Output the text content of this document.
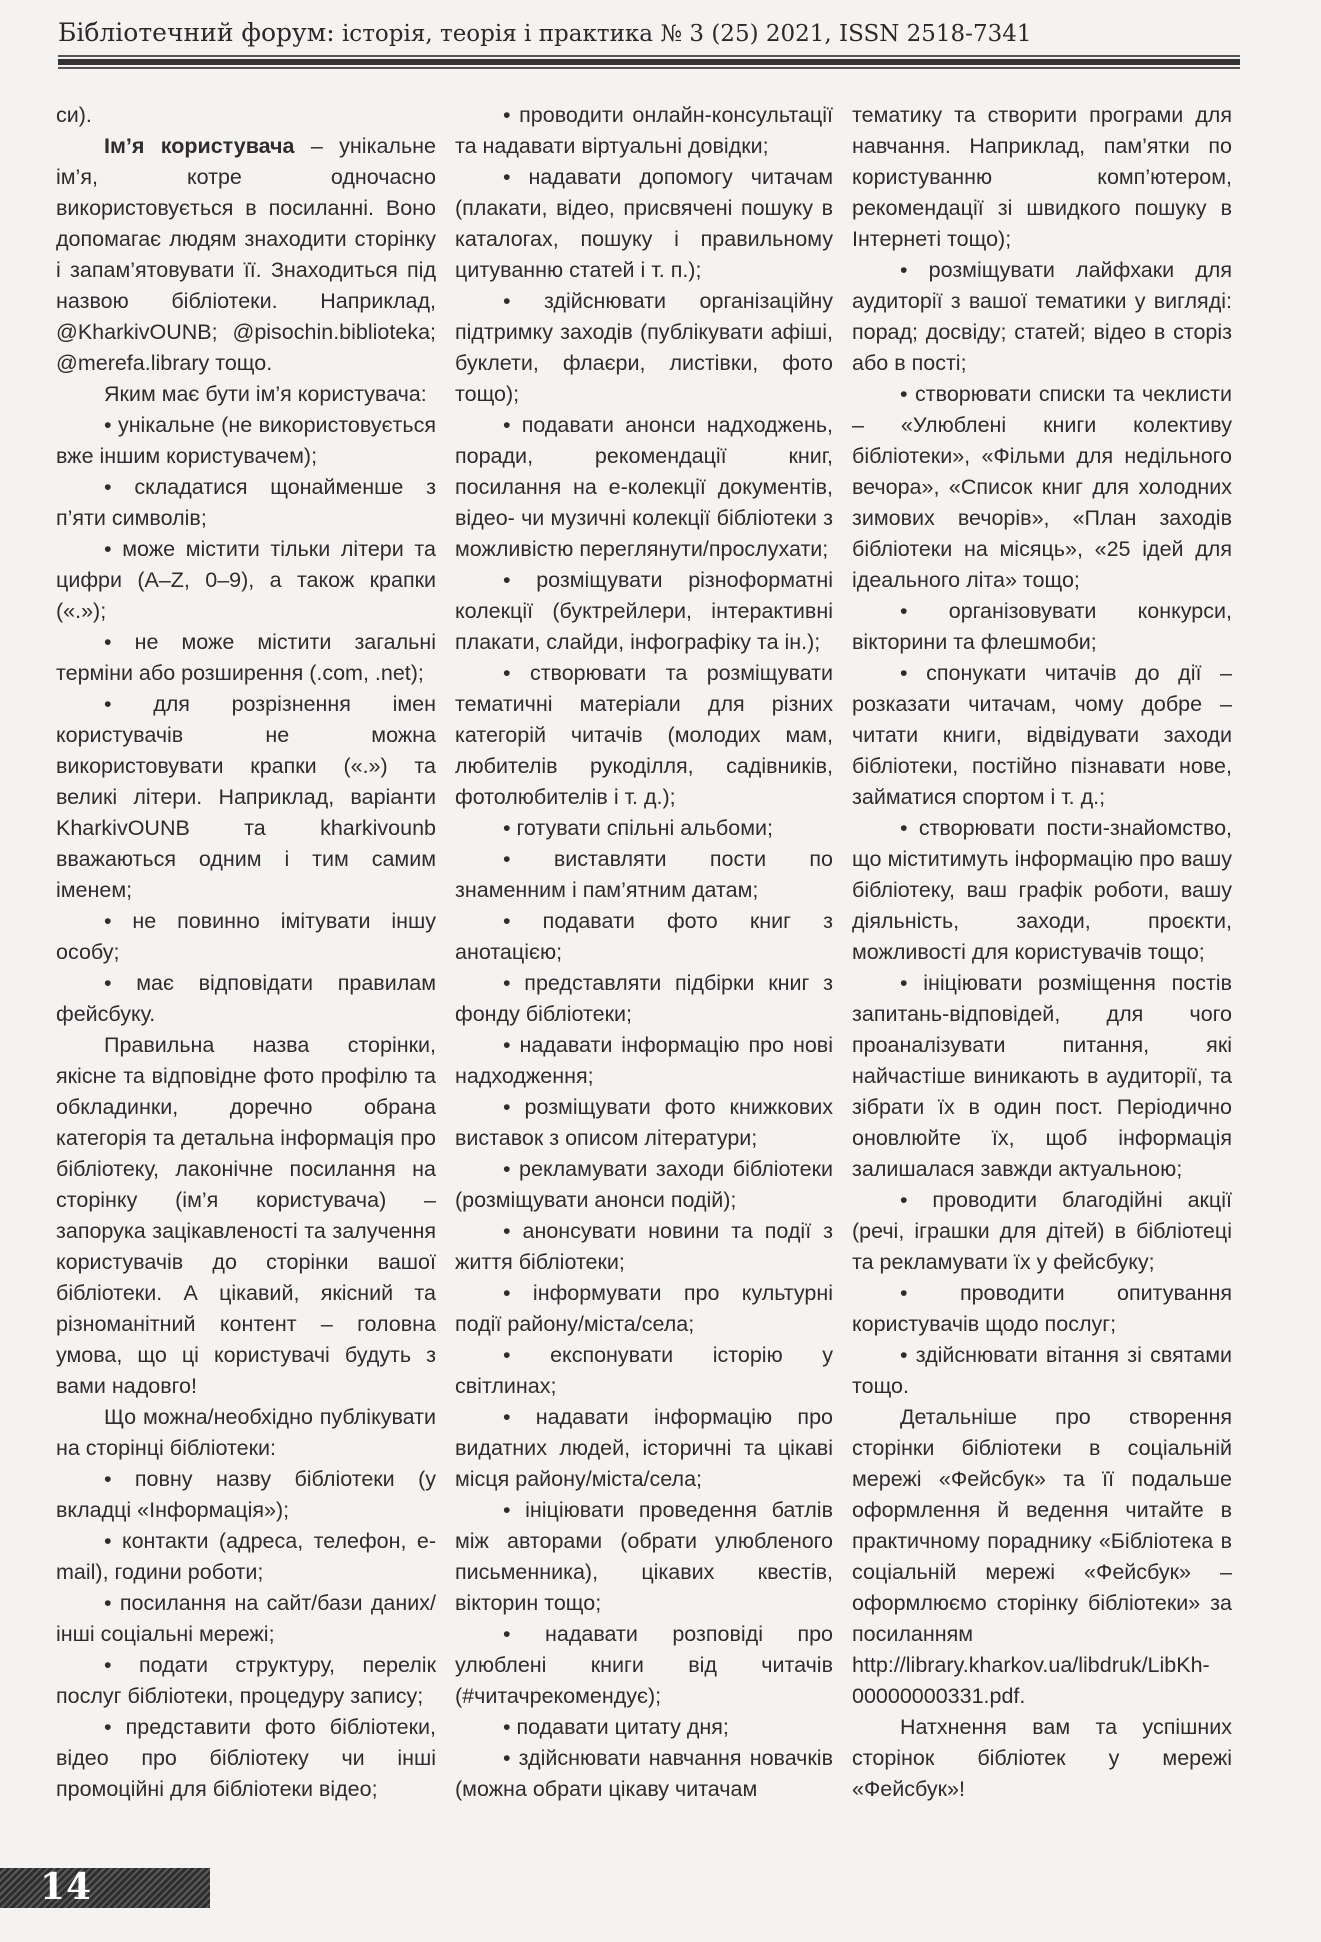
Бібліотечний форум: історія, теорія і практика № 3 (25) 2021, ISSN 2518-7341

си).

Ім’я користувача – унікальне ім’я, котре одночасно використовується в посиланні. Воно допомагає людям знаходити сторінку і запам’ятовувати її. Знаходиться під назвою бібліотеки. Наприклад, @KharkivOUNB; @pisochin.biblioteka; @merefa.library тощо.

Яким має бути ім’я користувача:

• унікальне (не використовується вже іншим користувачем);

• складатися щонайменше з п’яти символів;

• може містити тільки літери та цифри (A–Z, 0–9), а також крапки («.»);

• не може містити загальні терміни або розширення (.com, .net);

• для розрізнення імен користувачів не можна використовувати крапки («.») та великі літери. Наприклад, варіанти KharkivOUNB та kharkivounb вважаються одним і тим самим іменем;

• не повинно імітувати іншу особу;

• має відповідати правилам фейсбуку.

Правильна назва сторінки, якісне та відповідне фото профілю та обкладинки, доречно обрана категорія та детальна інформація про бібліотеку, лаконічне посилання на сторінку (ім’я користувача) – запорука зацікавленості та залучення користувачів до сторінки вашої бібліотеки. А цікавий, якісний та різноманітний контент – головна умова, що ці користувачі будуть з вами надовго!

Що можна/необхідно публікувати на сторінці бібліотеки:

• повну назву бібліотеки (у вкладці «Інформація»);

• контакти (адреса, телефон, e-mail), години роботи;

• посилання на сайт/бази даних/інші соціальні мережі;

• подати структуру, перелік послуг бібліотеки, процедуру запису;

• представити фото бібліотеки, відео про бібліотеку чи інші промоційні для бібліотеки відео;

• проводити онлайн-консультації та надавати віртуальні довідки;

• надавати допомогу читачам (плакати, відео, присвячені пошуку в каталогах, пошуку і правильному цитуванню статей і т. п.);

• здійснювати організаційну підтримку заходів (публікувати афіші, буклети, флаєри, листівки, фото тощо);

• подавати анонси надходжень, поради, рекомендації книг, посилання на е-колекції документів, відео- чи музичні колекції бібліотеки з можливістю переглянути/прослухати;

• розміщувати різноформатні колекції (буктрейлери, інтерактивні плакати, слайди, інфографіку та ін.);

• створювати та розміщувати тематичні матеріали для різних категорій читачів (молодих мам, любителів рукоділля, садівників, фотолюбителів і т. д.);

• готувати спільні альбоми;

• виставляти пости по знаменним і пам’ятним датам;

• подавати фото книг з анотацією;

• представляти підбірки книг з фонду бібліотеки;

• надавати інформацію про нові надходження;

• розміщувати фото книжкових виставок з описом літератури;

• рекламувати заходи бібліотеки (розміщувати анонси подій);

• анонсувати новини та події з життя бібліотеки;

• інформувати про культурні події району/міста/села;

• експонувати історію у світлинах;

• надавати інформацію про видатних людей, історичні та цікаві місця району/міста/села;

• ініціювати проведення батлів між авторами (обрати улюбленого письменника), цікавих квестів, вікторин тощо;

• надавати розповіді про улюблені книги від читачів (#читачрекомендує);

• подавати цитату дня;

• здійснювати навчання новачків (можна обрати цікаву читачам

тематику та створити програми для навчання. Наприклад, пам’ятки по користуванню комп’ютером, рекомендації зі швидкого пошуку в Інтернеті тощо);

• розміщувати лайфхаки для аудиторії з вашої тематики у вигляді: порад; досвіду; статей; відео в сторіз або в пості;

• створювати списки та чеклисти – «Улюблені книги колективу бібліотеки», «Фільми для недільного вечора», «Список книг для холодних зимових вечорів», «План заходів бібліотеки на місяць», «25 ідей для ідеального літа» тощо;

• організовувати конкурси, вікторини та флешмоби;

• спонукати читачів до дії – розказати читачам, чому добре – читати книги, відвідувати заходи бібліотеки, постійно пізнавати нове, займатися спортом і т. д.;

• створювати пости-знайомство, що міститимуть інформацію про вашу бібліотеку, ваш графік роботи, вашу діяльність, заходи, проєкти, можливості для користувачів тощо;

• ініціювати розміщення постів запитань-відповідей, для чого проаналізувати питання, які найчастіше виникають в аудиторії, та зібрати їх в один пост. Періодично оновлюйте їх, щоб інформація залишалася завжди актуальною;

• проводити благодійні акції (речі, іграшки для дітей) в бібліотеці та рекламувати їх у фейсбуку;

• проводити опитування користувачів щодо послуг;

• здійснювати вітання зі святами тощо.

Детальніше про створення сторінки бібліотеки в соціальній мережі «Фейсбук» та її подальше оформлення й ведення читайте в практичному пораднику «Бібліотека в соціальній мережі «Фейсбук» – оформлюємо сторінку бібліотеки» за посиланням http://library.kharkov.ua/libdruk/LibKh-00000000331.pdf.

Натхнення вам та успішних сторінок бібліотек у мережі «Фейсбук»!

14
